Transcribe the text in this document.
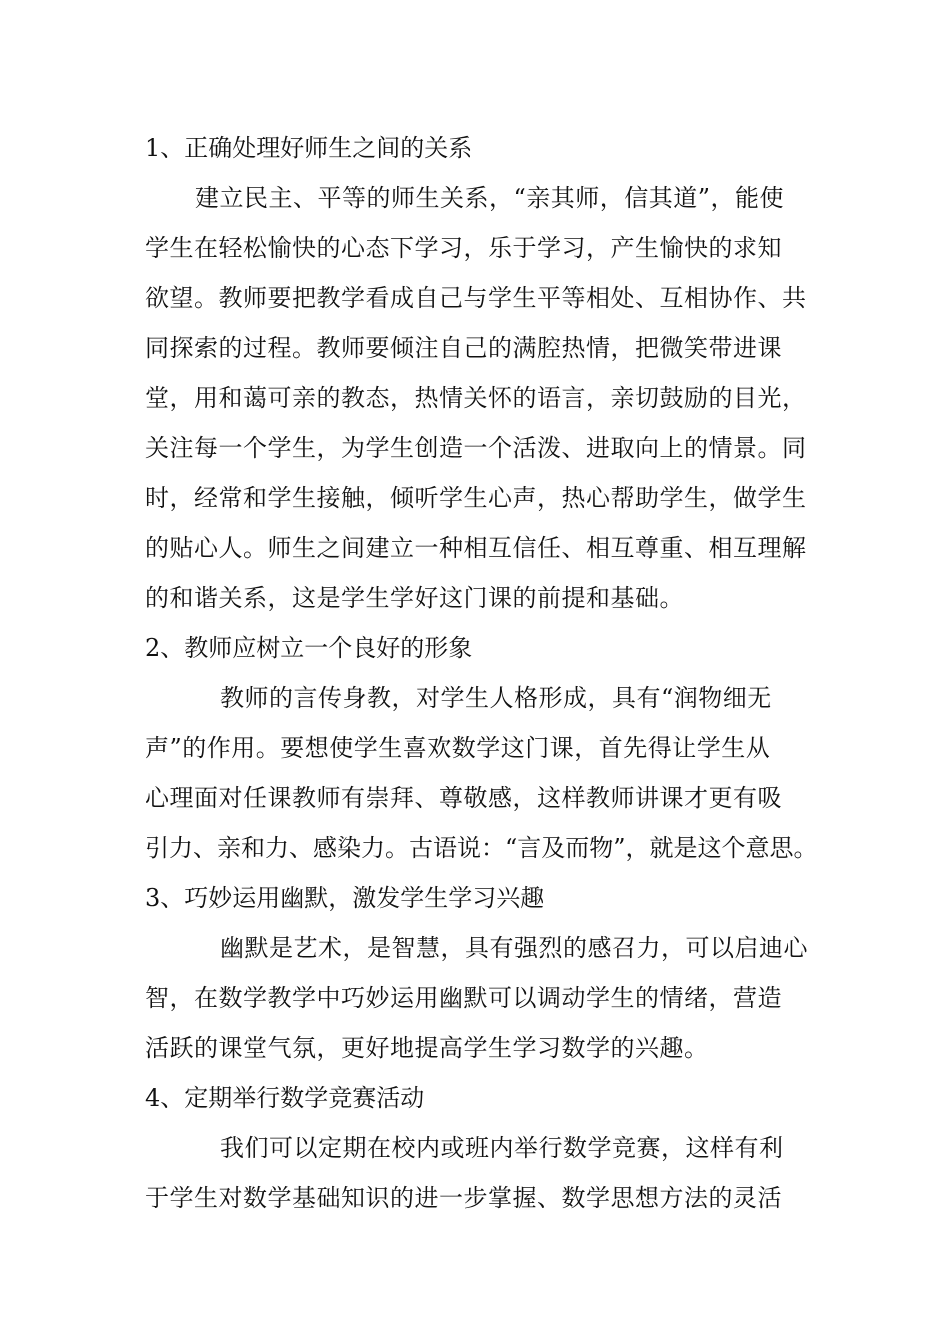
1、正确处理好师生之间的关系
建立民主、平等的师生关系，“亲其师，信其道”，能使
学生在轻松愉快的心态下学习，乐于学习，产生愉快的求知
欲望。教师要把教学看成自己与学生平等相处、互相协作、共
同探索的过程。教师要倾注自己的满腔热情，把微笑带进课
堂，用和蔼可亲的教态，热情关怀的语言，亲切鼓励的目光，
关注每一个学生，为学生创造一个活泼、进取向上的情景。同
时，经常和学生接触，倾听学生心声，热心帮助学生，做学生
的贴心人。师生之间建立一种相互信任、相互尊重、相互理解
的和谐关系，这是学生学好这门课的前提和基础。
2、教师应树立一个良好的形象
教师的言传身教，对学生人格形成，具有“润物细无
声”的作用。要想使学生喜欢数学这门课，首先得让学生从
心理面对任课教师有崇拜、尊敬感，这样教师讲课才更有吸
引力、亲和力、感染力。古语说：“言及而物”，就是这个意思。
3、巧妙运用幽默，激发学生学习兴趣
幽默是艺术，是智慧，具有强烈的感召力，可以启迪心
智，在数学教学中巧妙运用幽默可以调动学生的情绪，营造
活跃的课堂气氛，更好地提高学生学习数学的兴趣。
4、定期举行数学竞赛活动
我们可以定期在校内或班内举行数学竞赛，这样有利
于学生对数学基础知识的进一步掌握、数学思想方法的灵活
